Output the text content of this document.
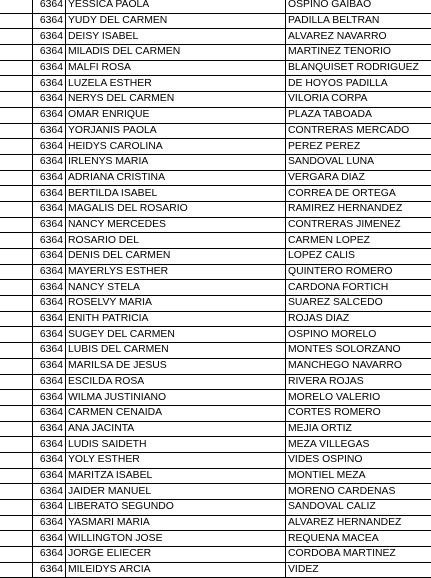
	6364	YESSICA PAOLA	OSPINO GAIBAO	
	6364	YUDY DEL CARMEN	PADILLA BELTRAN	
	6364	DEISY ISABEL	ALVAREZ NAVARRO	
	6364	MILADIS DEL CARMEN	MARTINEZ TENORIO	
	6364	MALFI ROSA	BLANQUISET RODRIGUEZ	
	6364	LUZELA ESTHER	DE HOYOS PADILLA	
	6364	NERYS DEL CARMEN	VILORIA CORPA	
	6364	OMAR ENRIQUE	PLAZA TABOADA	
	6364	YORJANIS PAOLA	CONTRERAS MERCADO	
	6364	HEIDYS CAROLINA	PEREZ PEREZ	
	6364	IRLENYS MARIA	SANDOVAL LUNA	
	6364	ADRIANA CRISTINA	VERGARA DIAZ	
	6364	BERTILDA ISABEL	CORREA DE ORTEGA	
	6364	MAGALIS DEL ROSARIO	RAMIREZ HERNANDEZ	
	6364	NANCY MERCEDES	CONTRERAS JIMENEZ	
	6364	ROSARIO DEL	CARMEN LOPEZ	
	6364	DENIS DEL CARMEN	LOPEZ CALIS	
	6364	MAYERLYS ESTHER	QUINTERO ROMERO	
	6364	NANCY STELA	CARDONA FORTICH	
	6364	ROSELVY MARIA	SUAREZ SALCEDO	
	6364	ENITH PATRICIA	ROJAS DIAZ	
	6364	SUGEY DEL CARMEN	OSPINO MORELO	
	6364	LUBIS DEL CARMEN	MONTES SOLORZANO	
	6364	MARILSA DE JESUS	MANCHEGO NAVARRO	
	6364	ESCILDA ROSA	RIVERA ROJAS	
	6364	WILMA JUSTINIANO	MORELO VALERIO	
	6364	CARMEN CENAIDA	CORTES ROMERO	
	6364	ANA JACINTA	MEJIA ORTIZ	
	6364	LUDIS SAIDETH	MEZA VILLEGAS	
	6364	YOLY ESTHER	VIDES OSPINO	
	6364	MARITZA ISABEL	MONTIEL MEZA	
	6364	JAIDER MANUEL	MORENO CARDENAS	
	6364	LIBERATO SEGUNDO	SANDOVAL CALIZ	
	6364	YASMARI MARIA	ALVAREZ HERNANDEZ	
	6364	WILLINGTON JOSE	REQUENA MACEA	
	6364	JORGE ELIECER	CORDOBA MARTINEZ	
	6364	MILEIDYS ARCIA	VIDEZ	
